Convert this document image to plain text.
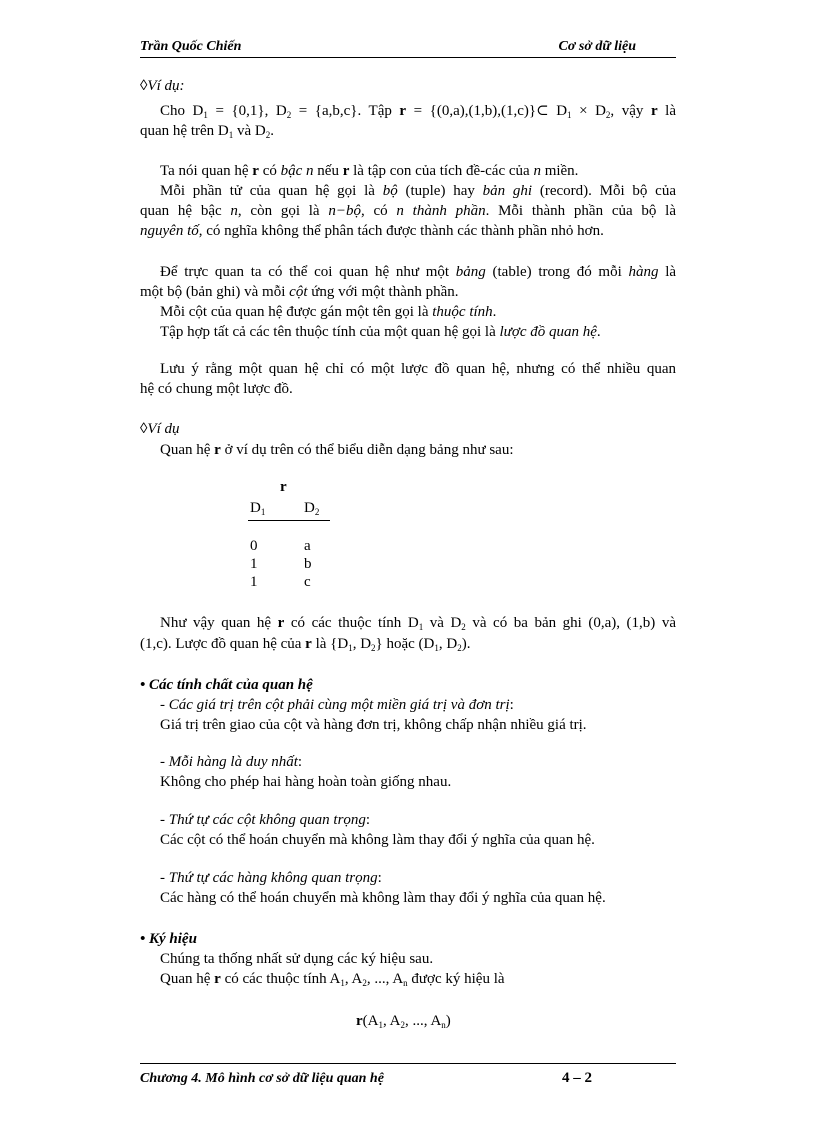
Trần Quốc Chiến	Cơ sở dữ liệu
◊Ví dụ:
Cho $D_1 = \{0,1\}$, $D_2 = \{a,b,c\}$. Tập r = {(0,a),(1,b),(1,c)}⊂ $D_1 \times D_2$, vậy r là
quan hệ trên $D_1$ và $D_2$.
Ta nói quan hệ r có bậc n nếu r là tập con của tích đề-các của n miền.
Mỗi phần tử của quan hệ gọi là bộ (tuple) hay bản ghi (record). Mỗi bộ của
quan hệ bậc n, còn gọi là n−bộ, có n thành phần. Mỗi thành phần của bộ là
nguyên tố, có nghĩa không thể phân tách được thành các thành phần nhỏ hơn.
Để trực quan ta có thể coi quan hệ như một bảng (table) trong đó mỗi hàng là
một bộ (bản ghi) và mỗi cột ứng với một thành phần.
Mỗi cột của quan hệ được gán một tên gọi là thuộc tính.
Tập hợp tất cả các tên thuộc tính của một quan hệ gọi là lược đồ quan hệ.
Lưu ý rằng một quan hệ chỉ có một lược đồ quan hệ, nhưng có thể nhiều quan
hệ có chung một lược đồ.
◊Ví dụ
Quan hệ r ở ví dụ trên có thể biểu diễn dạng bảng như sau:
r
$D_1$	$D_2$
0	a
1	b
1	c
Như vậy quan hệ r có các thuộc tính $D_1$ và $D_2$ và có ba bản ghi (0,a), (1,b) và
(1,c). Lược đồ quan hệ của r là {$D_1$, $D_2$} hoặc ($D_1$, $D_2$).
• Các tính chất của quan hệ
- Các giá trị trên cột phải cùng một miền giá trị và đơn trị:
Giá trị trên giao của cột và hàng đơn trị, không chấp nhận nhiều giá trị.
- Mỗi hàng là duy nhất:
Không cho phép hai hàng hoàn toàn giống nhau.
- Thứ tự các cột không quan trọng:
Các cột có thể hoán chuyển mà không làm thay đổi ý nghĩa của quan hệ.
- Thứ tự các hàng không quan trọng:
Các hàng có thể hoán chuyển mà không làm thay đổi ý nghĩa của quan hệ.
• Ký hiệu
Chúng ta thống nhất sử dụng các ký hiệu sau.
Quan hệ r có các thuộc tính $A_1$, $A_2$, ..., $A_n$ được ký hiệu là
$r(A_1$, $A_2$, ..., $A_n$)
Chương 4. Mô hình cơ sở dữ liệu quan hệ	4 – 2
